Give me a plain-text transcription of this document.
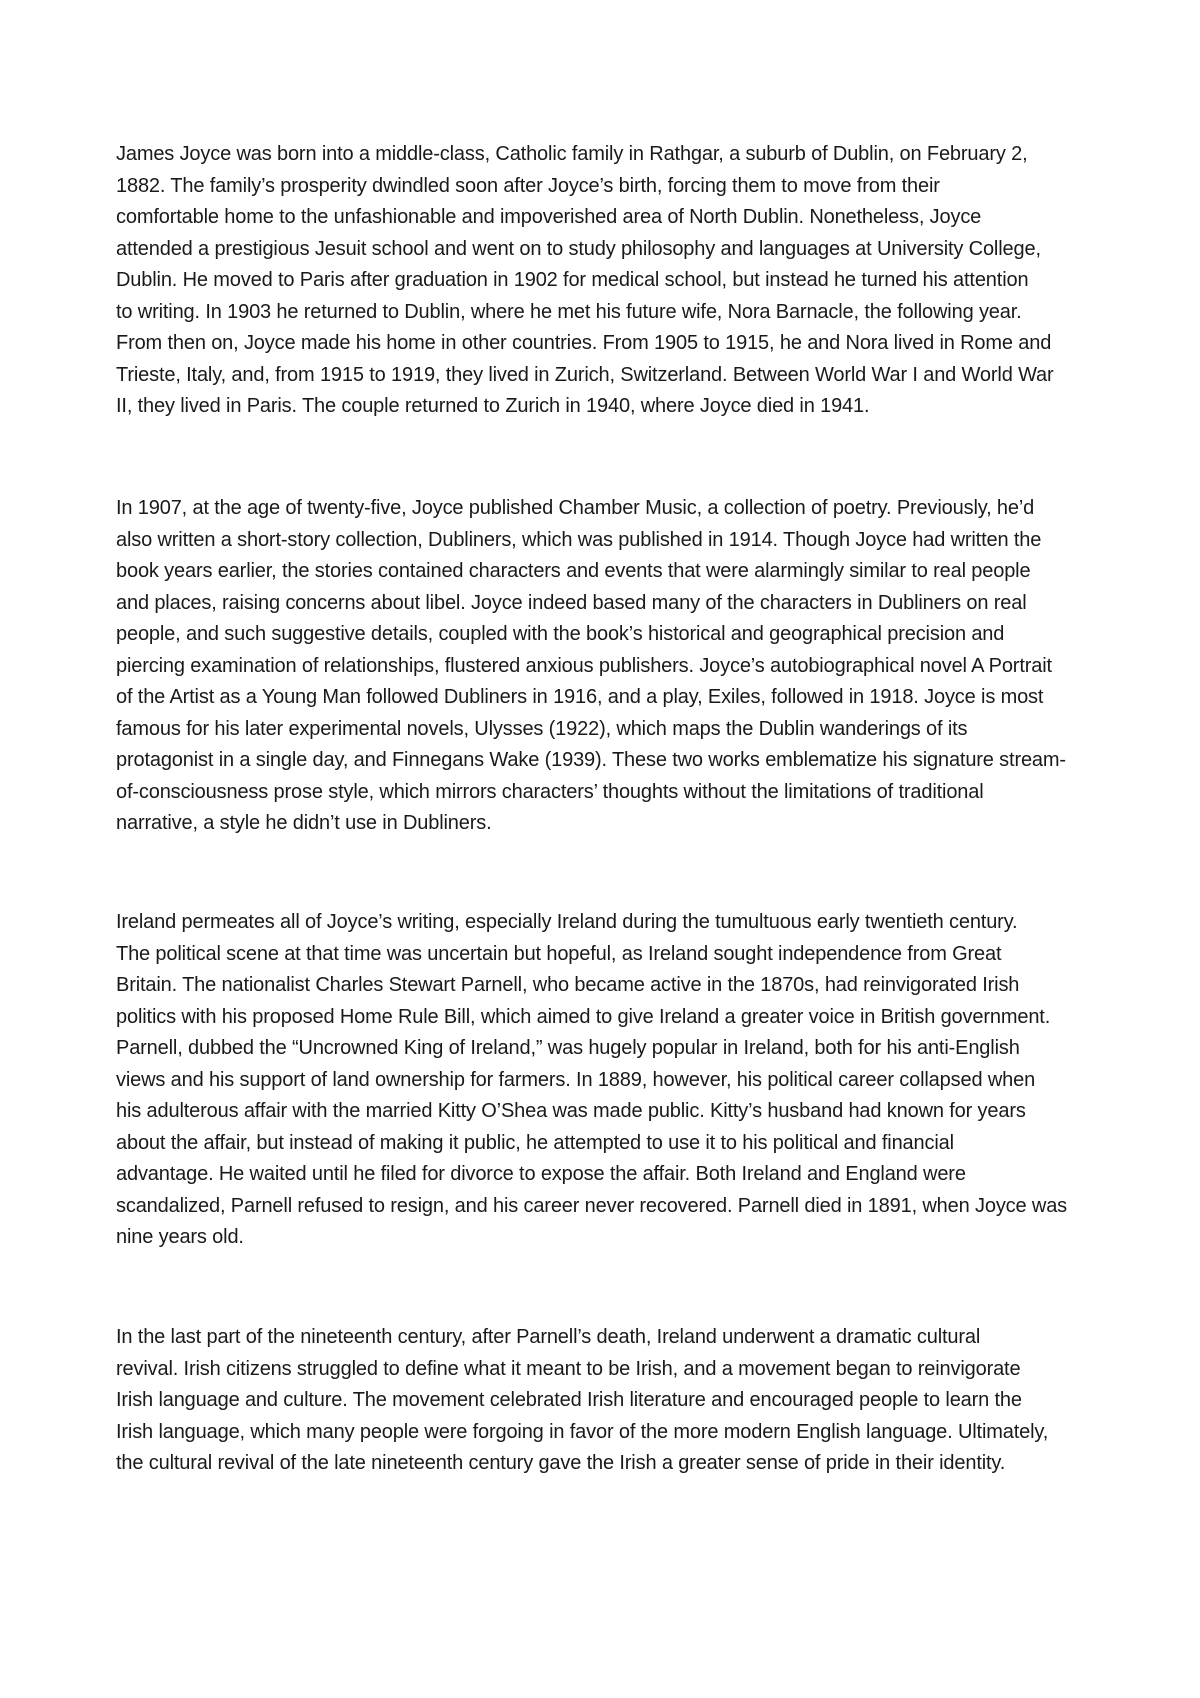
James Joyce was born into a middle-class, Catholic family in Rathgar, a suburb of Dublin, on February 2,
1882. The family’s prosperity dwindled soon after Joyce’s birth, forcing them to move from their
comfortable home to the unfashionable and impoverished area of North Dublin. Nonetheless, Joyce
attended a prestigious Jesuit school and went on to study philosophy and languages at University College,
Dublin. He moved to Paris after graduation in 1902 for medical school, but instead he turned his attention
to writing. In 1903 he returned to Dublin, where he met his future wife, Nora Barnacle, the following year.
From then on, Joyce made his home in other countries. From 1905 to 1915, he and Nora lived in Rome and
Trieste, Italy, and, from 1915 to 1919, they lived in Zurich, Switzerland. Between World War I and World War
II, they lived in Paris. The couple returned to Zurich in 1940, where Joyce died in 1941.
In 1907, at the age of twenty-five, Joyce published Chamber Music, a collection of poetry. Previously, he’d
also written a short-story collection, Dubliners, which was published in 1914. Though Joyce had written the
book years earlier, the stories contained characters and events that were alarmingly similar to real people
and places, raising concerns about libel. Joyce indeed based many of the characters in Dubliners on real
people, and such suggestive details, coupled with the book’s historical and geographical precision and
piercing examination of relationships, flustered anxious publishers. Joyce’s autobiographical novel A Portrait
of the Artist as a Young Man followed Dubliners in 1916, and a play, Exiles, followed in 1918. Joyce is most
famous for his later experimental novels, Ulysses (1922), which maps the Dublin wanderings of its
protagonist in a single day, and Finnegans Wake (1939). These two works emblematize his signature stream-
of-consciousness prose style, which mirrors characters’ thoughts without the limitations of traditional
narrative, a style he didn’t use in Dubliners.
Ireland permeates all of Joyce’s writing, especially Ireland during the tumultuous early twentieth century.
The political scene at that time was uncertain but hopeful, as Ireland sought independence from Great
Britain. The nationalist Charles Stewart Parnell, who became active in the 1870s, had reinvigorated Irish
politics with his proposed Home Rule Bill, which aimed to give Ireland a greater voice in British government.
Parnell, dubbed the “Uncrowned King of Ireland,” was hugely popular in Ireland, both for his anti-English
views and his support of land ownership for farmers. In 1889, however, his political career collapsed when
his adulterous affair with the married Kitty O’Shea was made public. Kitty’s husband had known for years
about the affair, but instead of making it public, he attempted to use it to his political and financial
advantage. He waited until he filed for divorce to expose the affair. Both Ireland and England were
scandalized, Parnell refused to resign, and his career never recovered. Parnell died in 1891, when Joyce was
nine years old.
In the last part of the nineteenth century, after Parnell’s death, Ireland underwent a dramatic cultural
revival. Irish citizens struggled to define what it meant to be Irish, and a movement began to reinvigorate
Irish language and culture. The movement celebrated Irish literature and encouraged people to learn the
Irish language, which many people were forgoing in favor of the more modern English language. Ultimately,
the cultural revival of the late nineteenth century gave the Irish a greater sense of pride in their identity.
